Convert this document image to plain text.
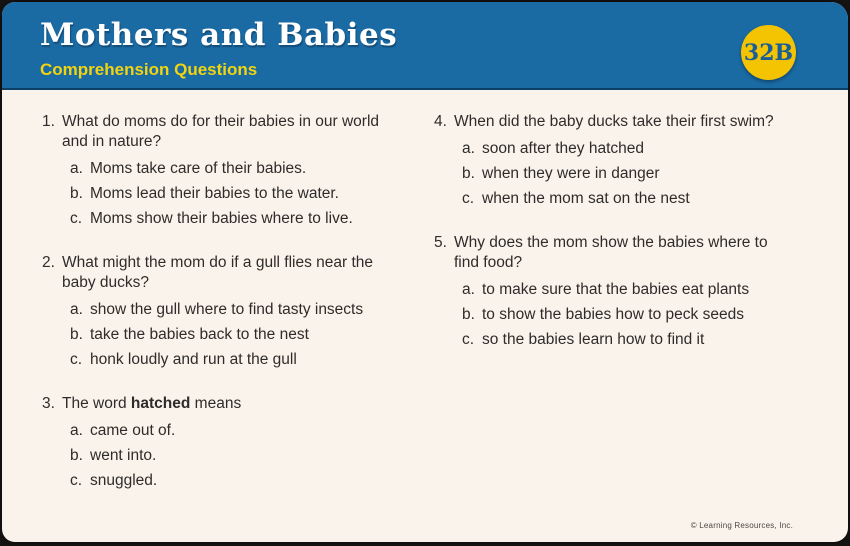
Mothers and Babies
Comprehension Questions
32B
1. What do moms do for their babies in our world and in nature?
a. Moms take care of their babies.
b. Moms lead their babies to the water.
c. Moms show their babies where to live.
2. What might the mom do if a gull flies near the baby ducks?
a. show the gull where to find tasty insects
b. take the babies back to the nest
c. honk loudly and run at the gull
3. The word hatched means
a. came out of.
b. went into.
c. snuggled.
4. When did the baby ducks take their first swim?
a. soon after they hatched
b. when they were in danger
c. when the mom sat on the nest
5. Why does the mom show the babies where to find food?
a. to make sure that the babies eat plants
b. to show the babies how to peck seeds
c. so the babies learn how to find it
© Learning Resources, Inc.
